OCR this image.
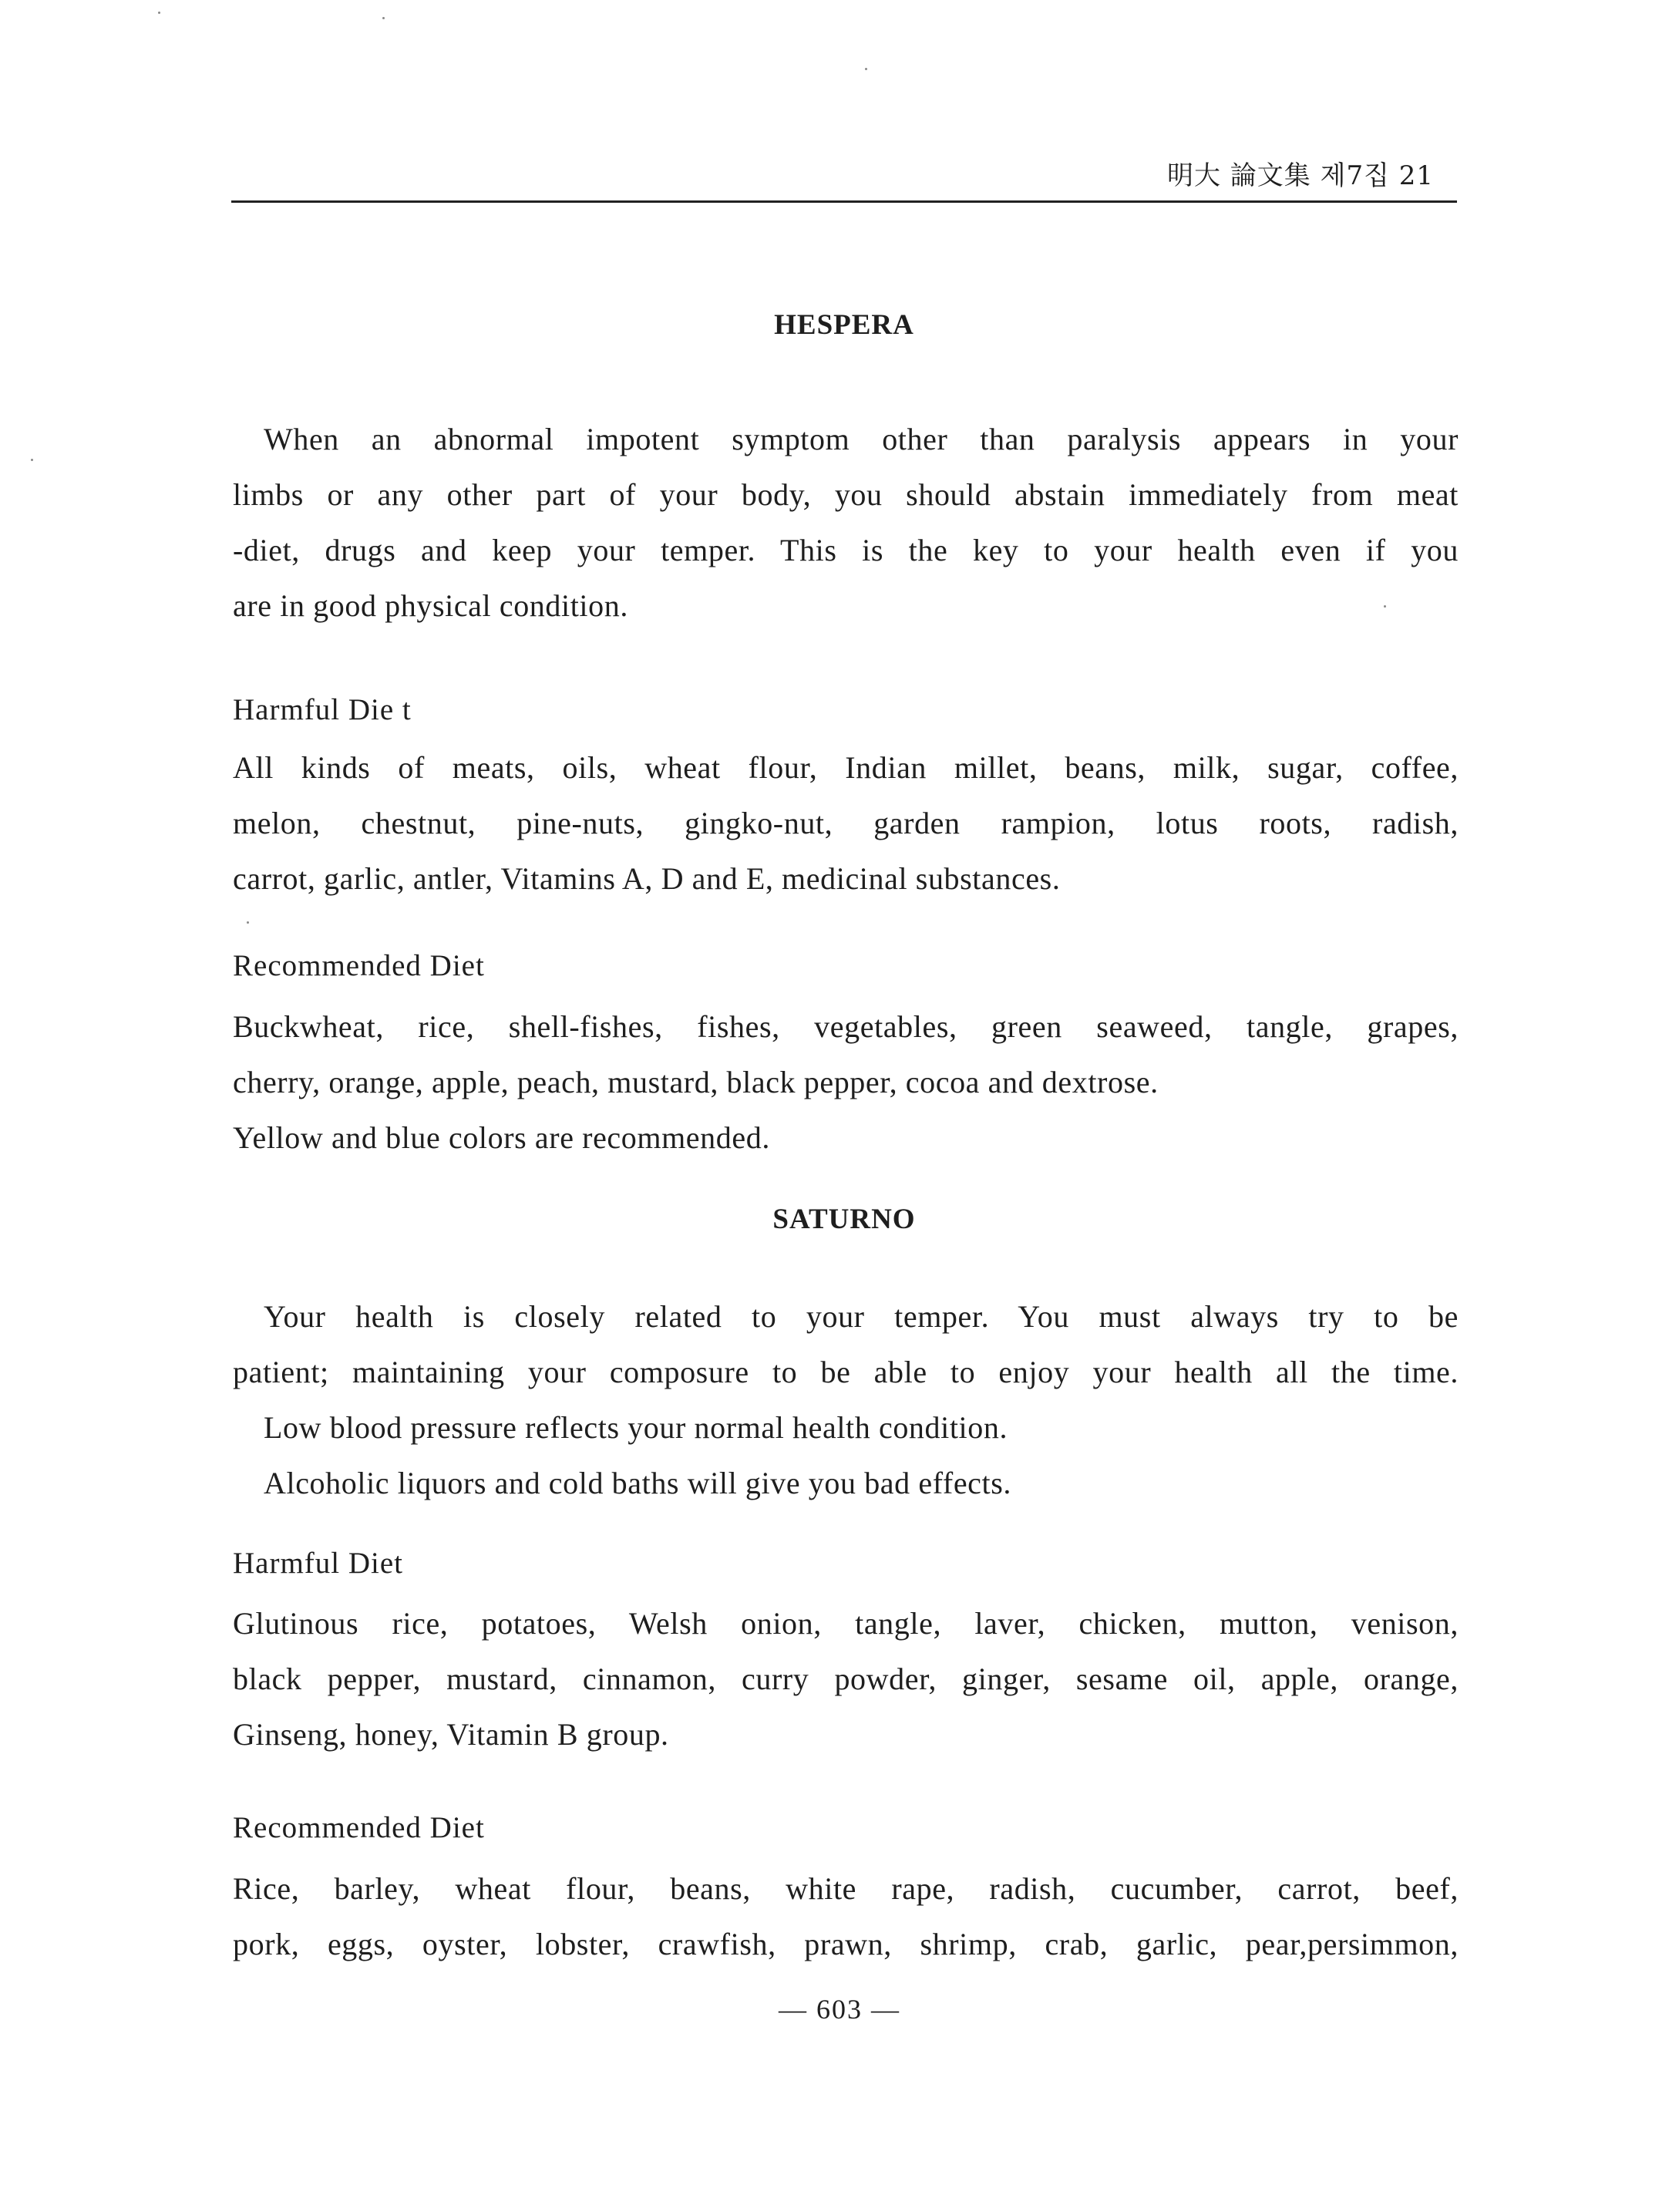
明大 論文集 제7집 21
HESPERA
When an abnormal impotent symptom other than paralysis appears in your
limbs or any other part of your body, you should abstain immediately from meat
-diet, drugs and keep your temper. This is the key to your health even if you
are in good physical condition.
Harmful Die t
All kinds of meats, oils, wheat flour, Indian millet, beans, milk, sugar, coffee,
melon, chestnut, pine-nuts, gingko-nut, garden rampion, lotus roots, radish,
carrot, garlic, antler, Vitamins A, D and E, medicinal substances.
Recommended Diet
Buckwheat, rice, shell-fishes, fishes, vegetables, green seaweed, tangle, grapes,
cherry, orange, apple, peach, mustard, black pepper, cocoa and dextrose.
Yellow and blue colors are recommended.
SATURNO
Your health is closely related to your temper. You must always try to be
patient; maintaining your composure to be able to enjoy your health all the time.
Low blood pressure reflects your normal health condition.
Alcoholic liquors and cold baths will give you bad effects.
Harmful Diet
Glutinous rice, potatoes, Welsh onion, tangle, laver, chicken, mutton, venison,
black pepper, mustard, cinnamon, curry powder, ginger, sesame oil, apple, orange,
Ginseng, honey, Vitamin B group.
Recommended Diet
Rice, barley, wheat flour, beans, white rape, radish, cucumber, carrot, beef,
pork, eggs, oyster, lobster, crawfish, prawn, shrimp, crab, garlic, pear,persimmon,
— 603 —
